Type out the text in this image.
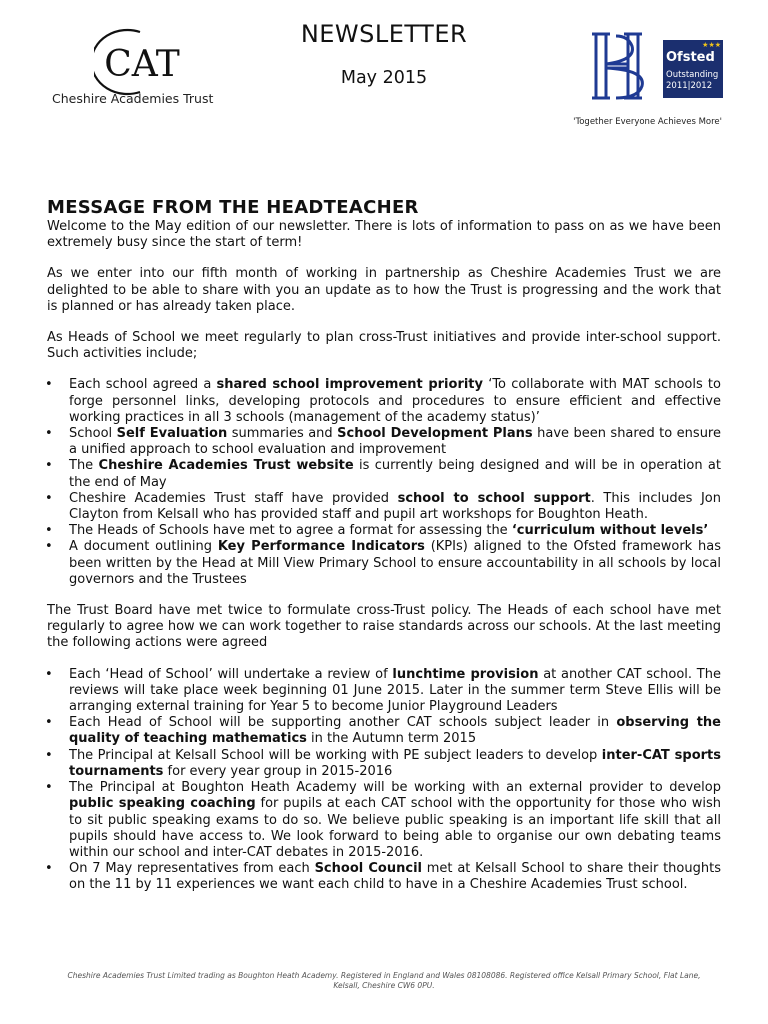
CAT
Cheshire Academies Trust
NEWSLETTER
May 2015
★★★
Ofsted
Outstanding
2011|2012
'Together Everyone Achieves More'
MESSAGE FROM THE HEADTEACHER

Welcome to the May edition of our newsletter. There is lots of information to pass on as we have been extremely busy since the start of term!

As we enter into our fifth month of working in partnership as Cheshire Academies Trust we are delighted to be able to share with you an update as to how the Trust is progressing and the work that is planned or has already taken place.

As Heads of School we meet regularly to plan cross-Trust initiatives and provide inter-school support. Such activities include;

• Each school agreed a shared school improvement priority ‘To collaborate with MAT schools to forge personnel links, developing protocols and procedures to ensure efficient and effective working practices in all 3 schools (management of the academy status)’
• School Self Evaluation summaries and School Development Plans have been shared to ensure a unified approach to school evaluation and improvement
• The Cheshire Academies Trust website is currently being designed and will be in operation at the end of May
• Cheshire Academies Trust staff have provided school to school support. This includes Jon Clayton from Kelsall who has provided staff and pupil art workshops for Boughton Heath.
• The Heads of Schools have met to agree a format for assessing the ‘curriculum without levels’
• A document outlining Key Performance Indicators (KPIs) aligned to the Ofsted framework has been written by the Head at Mill View Primary School to ensure accountability in all schools by local governors and the Trustees

The Trust Board have met twice to formulate cross-Trust policy. The Heads of each school have met regularly to agree how we can work together to raise standards across our schools. At the last meeting the following actions were agreed

• Each ‘Head of School’ will undertake a review of lunchtime provision at another CAT school. The reviews will take place week beginning 01 June 2015. Later in the summer term Steve Ellis will be arranging external training for Year 5 to become Junior Playground Leaders
• Each Head of School will be supporting another CAT schools subject leader in observing the quality of teaching mathematics in the Autumn term 2015
• The Principal at Kelsall School will be working with PE subject leaders to develop inter-CAT sports tournaments for every year group in 2015-2016
• The Principal at Boughton Heath Academy will be working with an external provider to develop public speaking coaching for pupils at each CAT school with the opportunity for those who wish to sit public speaking exams to do so. We believe public speaking is an important life skill that all pupils should have access to. We look forward to being able to organise our own debating teams within our school and inter-CAT debates in 2015-2016.
• On 7 May representatives from each School Council met at Kelsall School to share their thoughts on the 11 by 11 experiences we want each child to have in a Cheshire Academies Trust school.
Cheshire Academies Trust Limited trading as Boughton Heath Academy. Registered in England and Wales 08108086. Registered office Kelsall Primary School, Flat Lane,
Kelsall, Cheshire CW6 0PU.
